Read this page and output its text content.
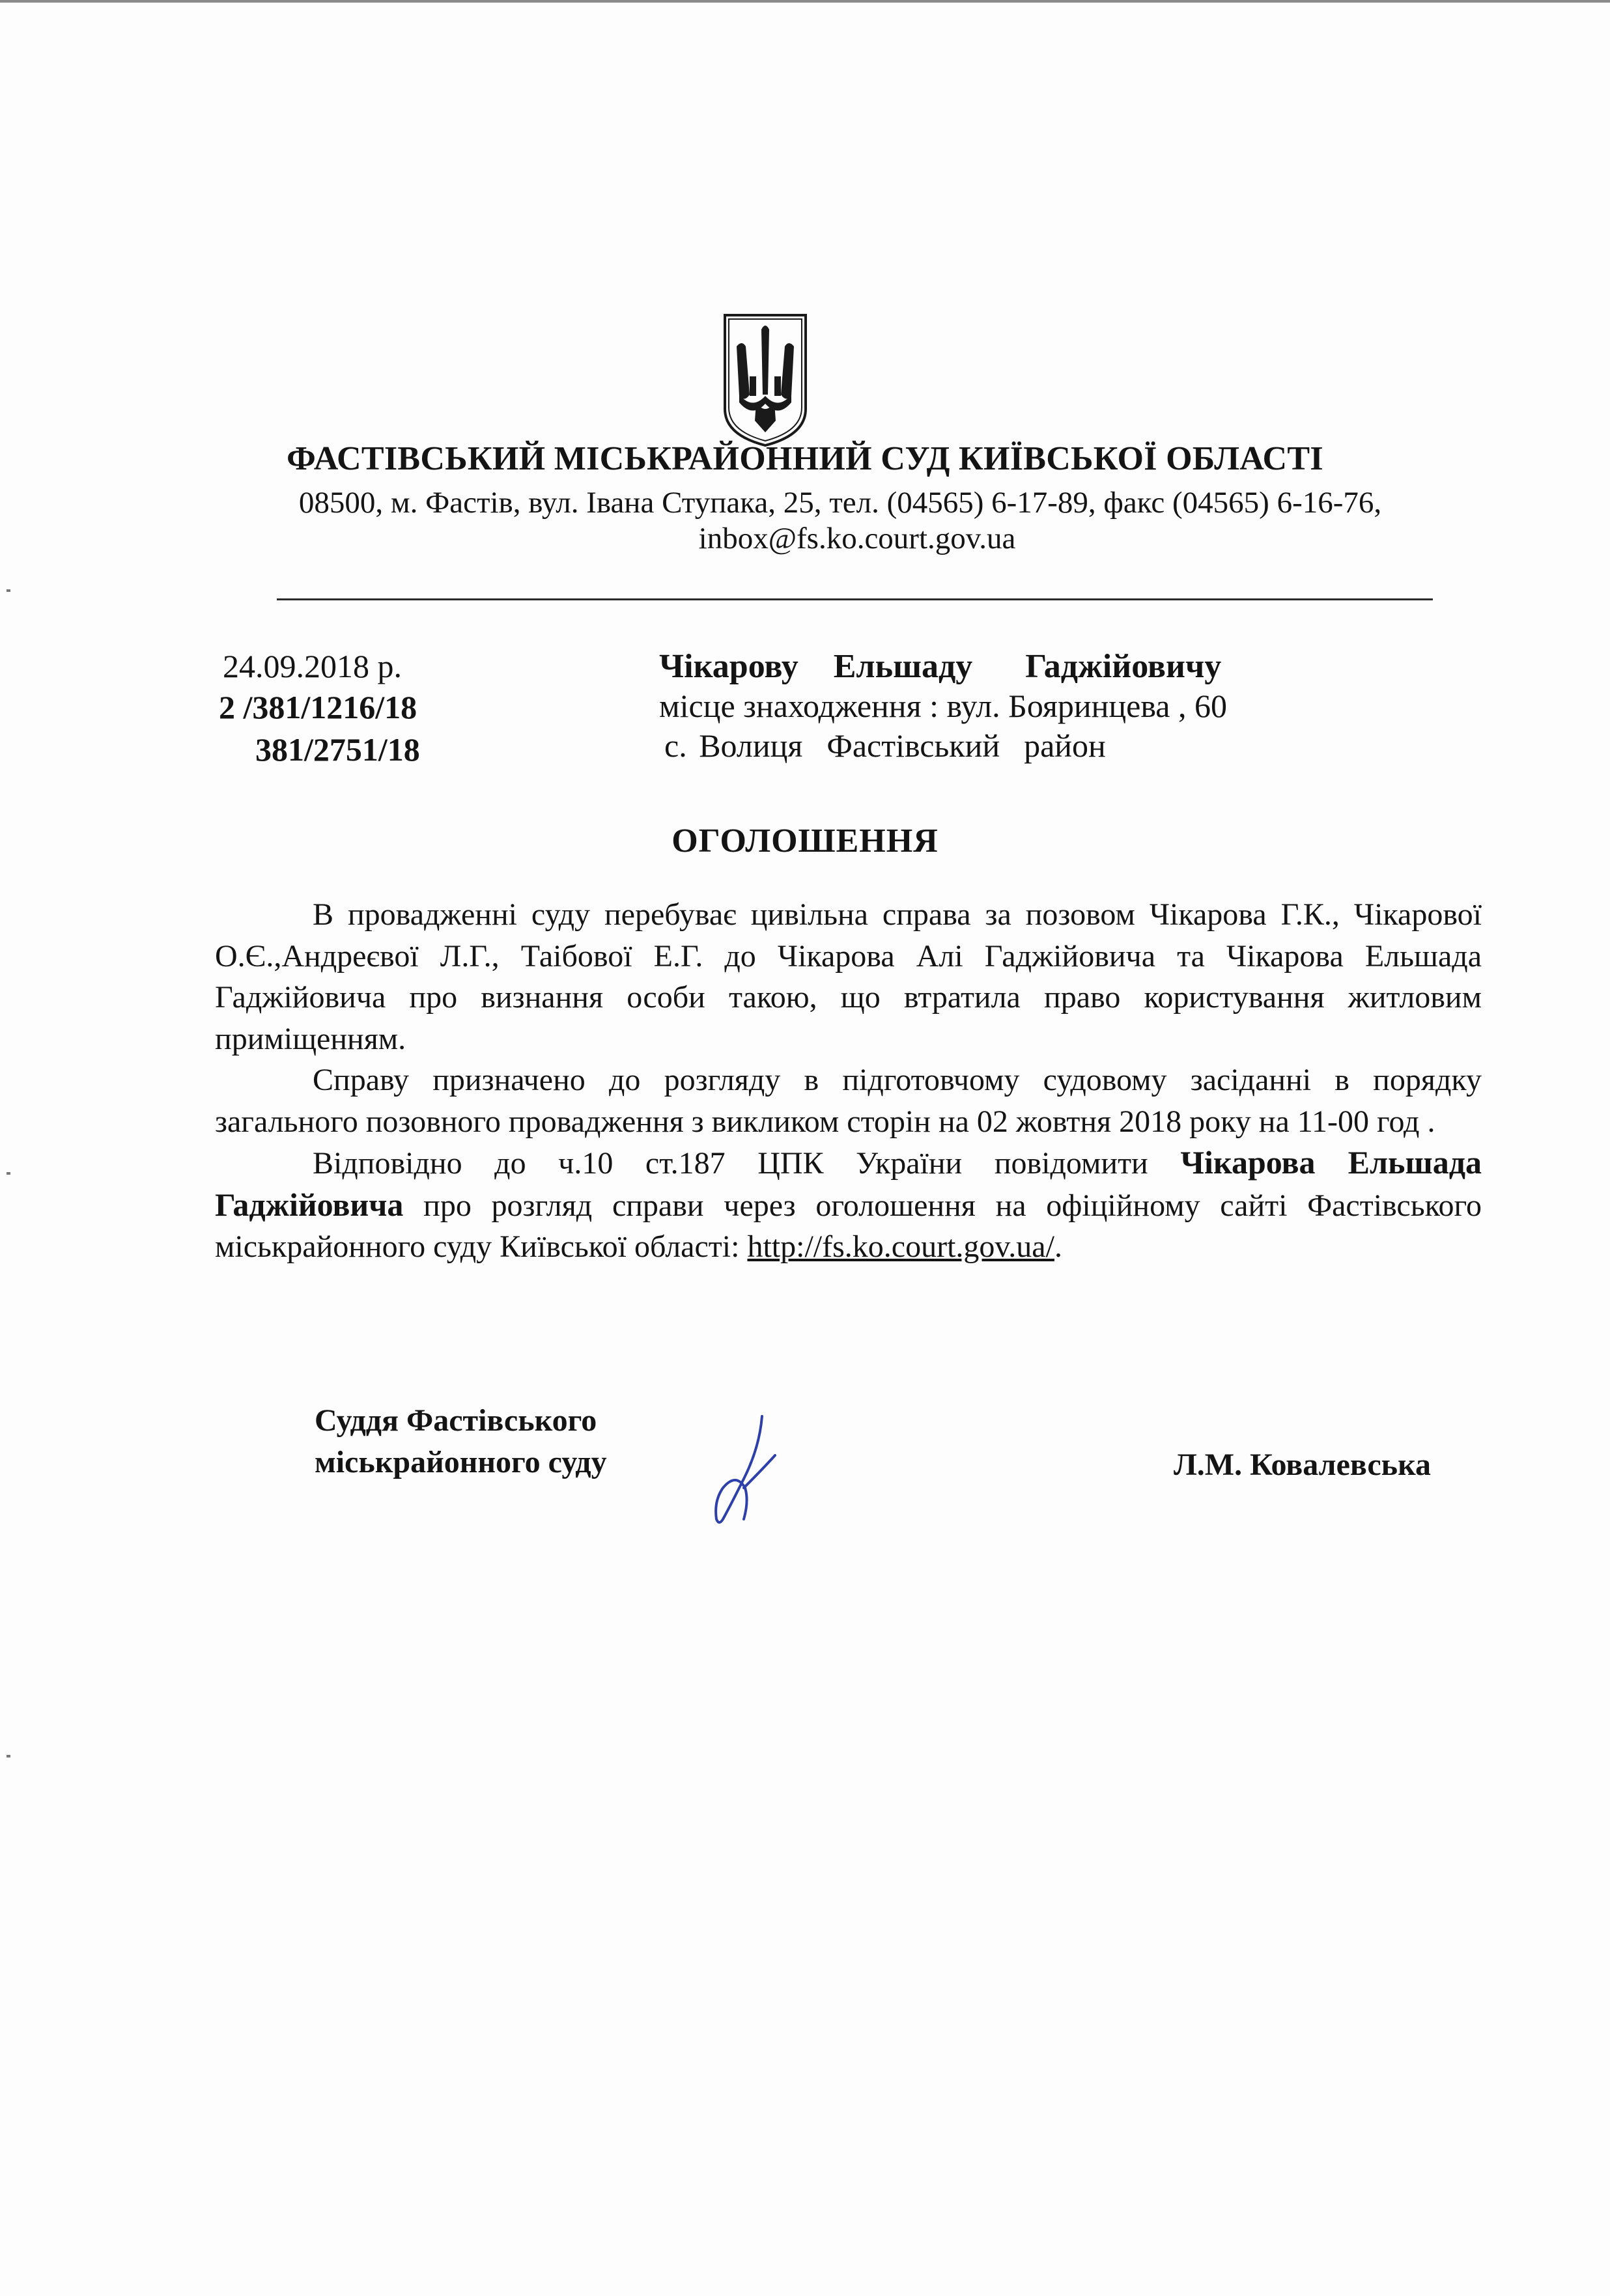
ФАСТІВСЬКИЙ МІСЬКРАЙОННИЙ СУД КИЇВСЬКОЇ ОБЛАСТІ
08500, м. Фастів, вул. Івана Ступака, 25, тел. (04565) 6-17-89, факс (04565) 6-16-76,
inbox@fs.ko.court.gov.ua
24.09.2018 р.
2 /381/1216/18
381/2751/18
Чікарову  Ельшаду   Гаджійовичу
місце знаходження : вул. Бояринцева , 60
с. Волиця  Фастівський  район
ОГОЛОШЕННЯ

В провадженні суду перебуває цивільна справа за позовом Чікарова Г.К., Чікарової О.Є.,Андреєвої Л.Г., Таібової Е.Г. до Чікарова Алі Гаджійовича та Чікарова Ельшада Гаджійовича про визнання особи такою, що втратила право користування житловим приміщенням.

Справу призначено до розгляду в підготовчому судовому засіданні в порядку загального позовного провадження з викликом сторін на 02 жовтня 2018 року на 11-00 год .

Відповідно до ч.10 ст.187 ЦПК України повідомити Чікарова Ельшада Гаджійовича про розгляд справи через оголошення на офіційному сайті Фастівського міськрайонного суду Київської області: http://fs.ko.court.gov.ua/.

Суддя Фастівського
міськрайонного суду	Л.М. Ковалевська
